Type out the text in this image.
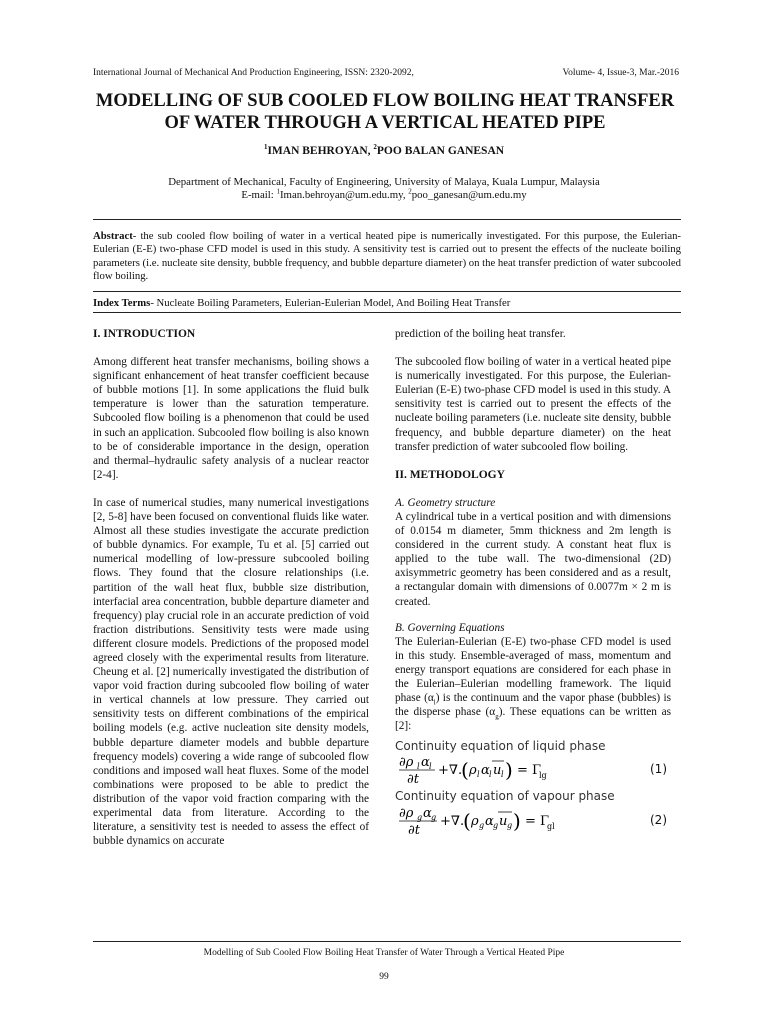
International Journal of Mechanical And Production Engineering, ISSN: 2320-2092,	Volume- 4, Issue-3, Mar.-2016
MODELLING OF SUB COOLED FLOW BOILING HEAT TRANSFER
OF WATER THROUGH A VERTICAL HEATED PIPE
$^1$IMAN BEHROYAN, $^2$POO BALAN GANESAN
Department of Mechanical, Faculty of Engineering, University of Malaya, Kuala Lumpur, Malaysia
E-mail: $^1$Iman.behroyan@um.edu.my, $^2$poo_ganesan@um.edu.my
Abstract- the sub cooled flow boiling of water in a vertical heated pipe is numerically investigated. For this purpose, the Eulerian-Eulerian (E-E) two-phase CFD model is used in this study. A sensitivity test is carried out to present the effects of the nucleate boiling parameters (i.e. nucleate site density, bubble frequency, and bubble departure diameter) on the heat transfer prediction of water subcooled flow boiling.
Index Terms- Nucleate Boiling Parameters, Eulerian-Eulerian Model, And Boiling Heat Transfer
I. INTRODUCTION

Among different heat transfer mechanisms, boiling shows a significant enhancement of heat transfer coefficient because of bubble motions [1]. In some applications the fluid bulk temperature is lower than the saturation temperature. Subcooled flow boiling is a phenomenon that could be used in such an application. Subcooled flow boiling is also known to be of considerable importance in the design, operation and thermal–hydraulic safety analysis of a nuclear reactor [2-4].

In case of numerical studies, many numerical investigations [2, 5-8] have been focused on conventional fluids like water. Almost all these studies investigate the accurate prediction of bubble dynamics. For example, Tu et al. [5] carried out numerical modelling of low-pressure subcooled boiling flows. They found that the closure relationships (i.e. partition of the wall heat flux, bubble size distribution, interfacial area concentration, bubble departure diameter and frequency) play crucial role in an accurate prediction of void fraction distributions. Sensitivity tests were made using different closure models. Predictions of the proposed model agreed closely with the experimental results from literature. Cheung et al. [2] numerically investigated the distribution of vapor void fraction during subcooled flow boiling of water in vertical channels at low pressure. They carried out sensitivity tests on different combinations of the empirical boiling models (e.g. active nucleation site density models, bubble departure diameter models and bubble departure frequency models) covering a wide range of subcooled flow conditions and imposed wall heat fluxes. Some of the model combinations were proposed to be able to predict the distribution of the vapor void fraction comparing with the experimental data from literature. According to the literature, a sensitivity test is needed to assess the effect of bubble dynamics on accurate

prediction of the boiling heat transfer.

The subcooled flow boiling of water in a vertical heated pipe is numerically investigated. For this purpose, the Eulerian-Eulerian (E-E) two-phase CFD model is used in this study. A sensitivity test is carried out to present the effects of the nucleate boiling parameters (i.e. nucleate site density, bubble frequency, and bubble departure diameter) on the heat transfer prediction of water subcooled flow boiling.

II. METHODOLOGY
A. Geometry structure

A cylindrical tube in a vertical position and with dimensions of 0.0154 m diameter, 5mm thickness and 2m length is considered in the current study. A constant heat flux is applied to the tube wall. The two-dimensional (2D) axisymmetric geometry has been considered and as a result, a rectangular domain with dimensions of 0.0077m × 2 m is created.

B. Governing Equations

The Eulerian-Eulerian (E-E) two-phase CFD model is used in this study. Ensemble-averaged of mass, momentum and energy transport equations are considered for each phase in the Eulerian–Eulerian modelling framework. The liquid phase $(\alpha_l)$ is the continuum and the vapor phase (bubbles) is the disperse phase $(\alpha_g)$. These equations can be written as [2]:

Continuity equation of liquid phase
∂ρ l α l
∂t
+∇.
( ρ l α l u l ) = Γ
lg	(1)
Continuity equation of vapour phase
∂ρ g α g
∂t
+∇.
( ρ g α g u g ) = Γ
gl	(2)
Modelling of Sub Cooled Flow Boiling Heat Transfer of Water Through a Vertical Heated Pipe
99
